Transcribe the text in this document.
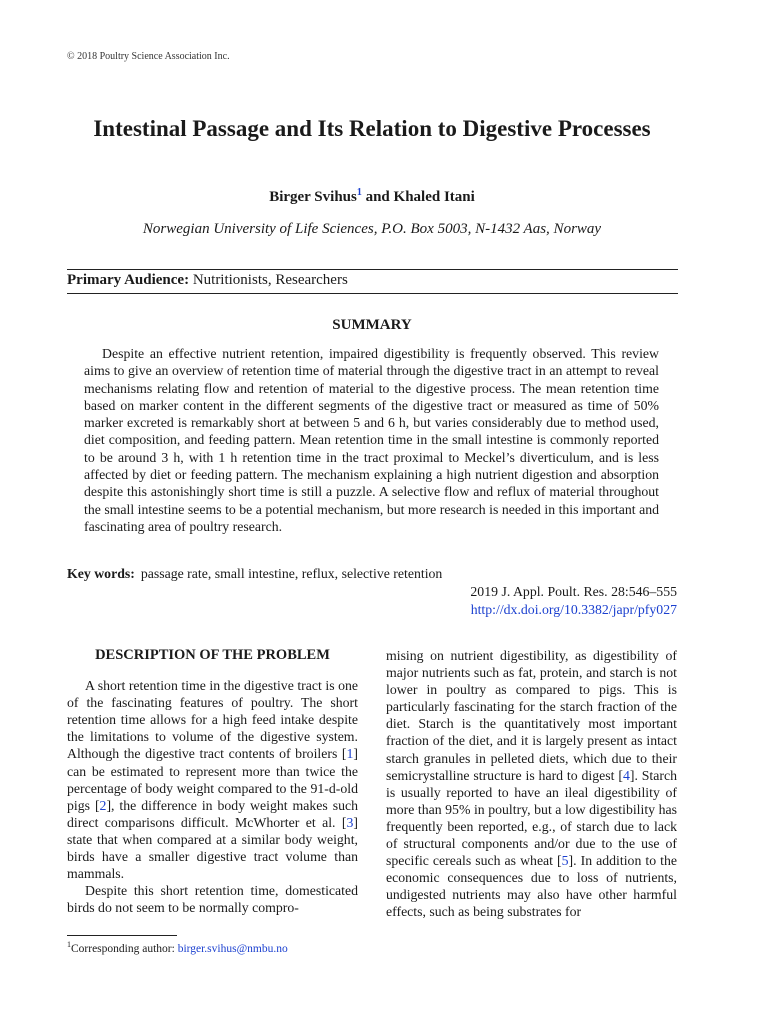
© 2018 Poultry Science Association Inc.
Intestinal Passage and Its Relation to Digestive Processes
Birger Svihus$^1$ and Khaled Itani
Norwegian University of Life Sciences, P.O. Box 5003, N-1432 Aas, Norway
Primary Audience: Nutritionists, Researchers
SUMMARY

Despite an effective nutrient retention, impaired digestibility is frequently observed. This review aims to give an overview of retention time of material through the digestive tract in an attempt to reveal mechanisms relating flow and retention of material to the digestive process. The mean retention time based on marker content in the different segments of the digestive tract or measured as time of 50% marker excreted is remarkably short at between 5 and 6 h, but varies considerably due to method used, diet composition, and feeding pattern. Mean retention time in the small intestine is commonly reported to be around 3 h, with 1 h retention time in the tract proximal to Meckel’s diverticulum, and is less affected by diet or feeding pattern. The mechanism explaining a high nutrient digestion and absorption despite this astonishingly short time is still a puzzle. A selective flow and reflux of material throughout the small intestine seems to be a potential mechanism, but more research is needed in this important and fascinating area of poultry research.

Key words: passage rate, small intestine, reflux, selective retention
2019 J. Appl. Poult. Res. 28:546–555
http://dx.doi.org/10.3382/japr/pfy027
DESCRIPTION OF THE PROBLEM

A short retention time in the digestive tract is one of the fascinating features of poultry. The short retention time allows for a high feed intake despite the limitations to volume of the digestive system. Although the digestive tract contents of broilers [1] can be estimated to represent more than twice the percentage of body weight compared to the 91-d-old pigs [2], the difference in body weight makes such direct comparisons difficult. McWhorter et al. [3] state that when compared at a similar body weight, birds have a smaller digestive tract volume than mammals.

Despite this short retention time, domesticated birds do not seem to be normally compro-

mising on nutrient digestibility, as digestibility of major nutrients such as fat, protein, and starch is not lower in poultry as compared to pigs. This is particularly fascinating for the starch fraction of the diet. Starch is the quantitatively most important fraction of the diet, and it is largely present as intact starch granules in pelleted diets, which due to their semicrystalline structure is hard to digest [4]. Starch is usually reported to have an ileal digestibility of more than 95% in poultry, but a low digestibility has frequently been reported, e.g., of starch due to lack of structural components and/or due to the use of specific cereals such as wheat [5]. In addition to the economic consequences due to loss of nutrients, undigested nutrients may also have other harmful effects, such as being substrates for

$^1$Corresponding author: birger.svihus@nmbu.no
